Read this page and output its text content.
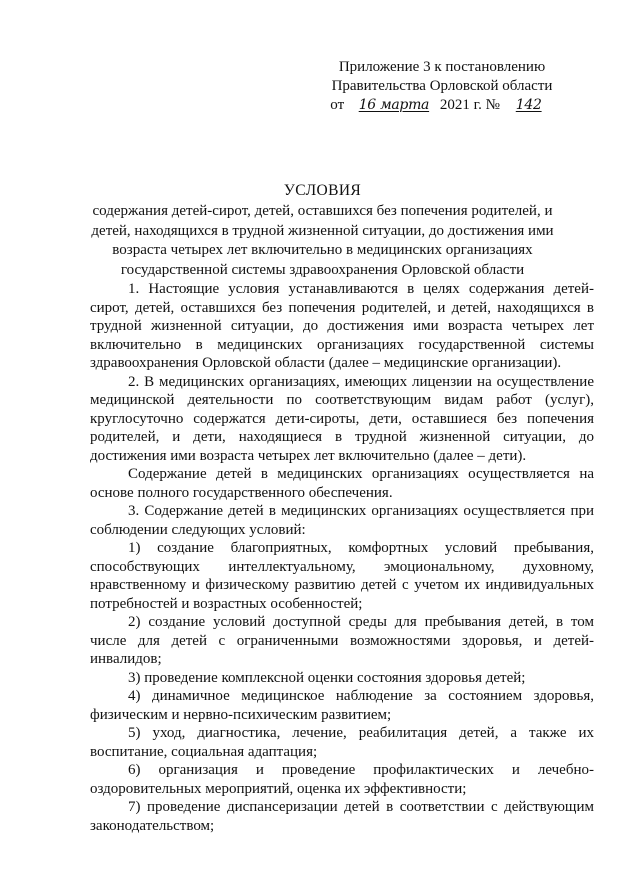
Приложение 3 к постановлению
Правительства Орловской области
от 16 марта 2021 г. № 142
УСЛОВИЯ
содержания детей-сирот, детей, оставшихся без попечения родителей, и детей, находящихся в трудной жизненной ситуации, до достижения ими возраста четырех лет включительно в медицинских организациях государственной системы здравоохранения Орловской области

1. Настоящие условия устанавливаются в целях содержания детей-сирот, детей, оставшихся без попечения родителей, и детей, находящихся в трудной жизненной ситуации, до достижения ими возраста четырех лет включительно в медицинских организациях государственной системы здравоохранения Орловской области (далее – медицинские организации).

2. В медицинских организациях, имеющих лицензии на осуществление медицинской деятельности по соответствующим видам работ (услуг), круглосуточно содержатся дети-сироты, дети, оставшиеся без попечения родителей, и дети, находящиеся в трудной жизненной ситуации, до достижения ими возраста четырех лет включительно (далее – дети).

Содержание детей в медицинских организациях осуществляется на основе полного государственного обеспечения.

3. Содержание детей в медицинских организациях осуществляется при соблюдении следующих условий:

1) создание благоприятных, комфортных условий пребывания, способствующих интеллектуальному, эмоциональному, духовному, нравственному и физическому развитию детей с учетом их индивидуальных потребностей и возрастных особенностей;

2) создание условий доступной среды для пребывания детей, в том числе для детей с ограниченными возможностями здоровья, и детей-инвалидов;

3) проведение комплексной оценки состояния здоровья детей;

4) динамичное медицинское наблюдение за состоянием здоровья, физическим и нервно-психическим развитием;

5) уход, диагностика, лечение, реабилитация детей, а также их воспитание, социальная адаптация;

6) организация и проведение профилактических и лечебно-оздоровительных мероприятий, оценка их эффективности;

7) проведение диспансеризации детей в соответствии с действующим законодательством;
